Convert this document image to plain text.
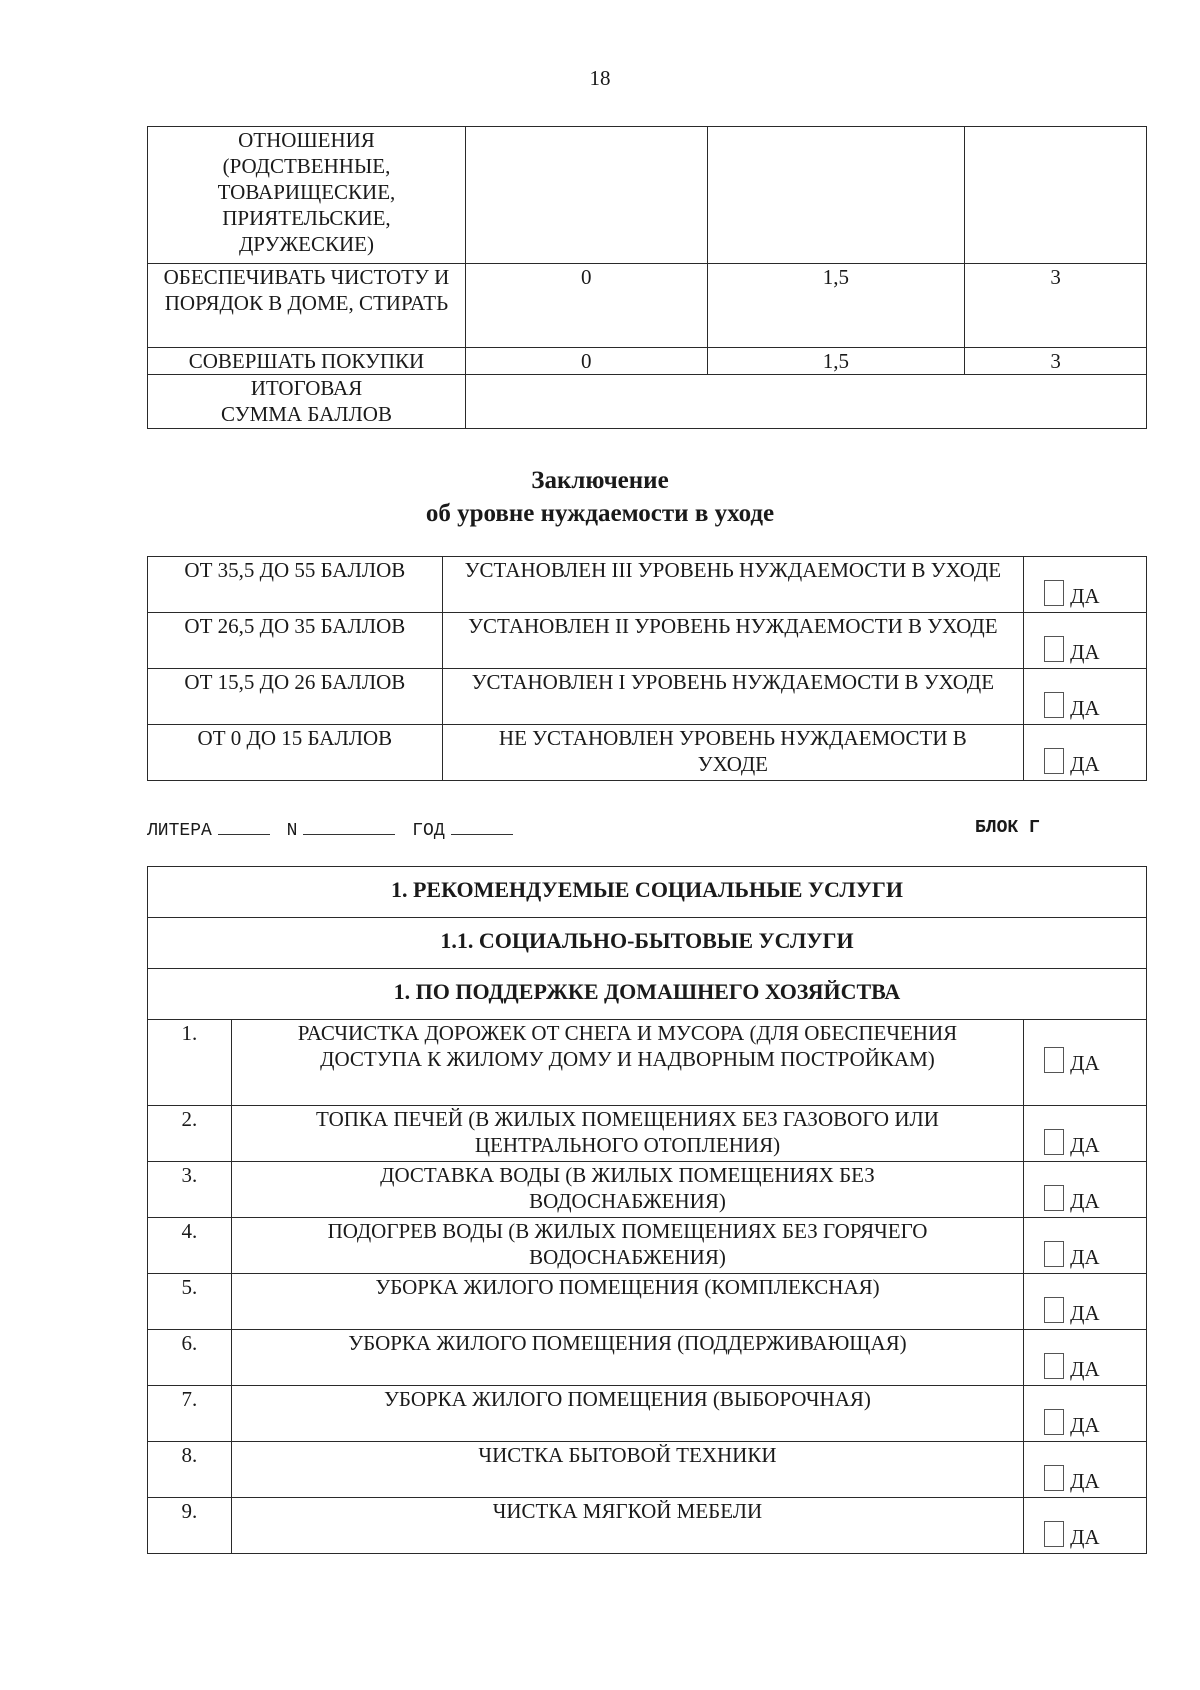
18
ОТНОШЕНИЯ (РОДСТВЕННЫЕ, ТОВАРИЩЕСКИЕ, ПРИЯТЕЛЬСКИЕ, ДРУЖЕСКИЕ)			
ОБЕСПЕЧИВАТЬ ЧИСТОТУ И ПОРЯДОК В ДОМЕ, СТИРАТЬ	0	1,5	3
СОВЕРШАТЬ ПОКУПКИ	0	1,5	3
ИТОГОВАЯ СУММА БАЛЛОВ			
Заключение
об уровне нуждаемости в уходе
ОТ 35,5 ДО 55 БАЛЛОВ	УСТАНОВЛЕН III УРОВЕНЬ НУЖДАЕМОСТИ В УХОДЕ	ДА

ОТ 26,5 ДО 35 БАЛЛОВ	УСТАНОВЛЕН II УРОВЕНЬ НУЖДАЕМОСТИ В УХОДЕ	ДА

ОТ 15,5 ДО 26 БАЛЛОВ	УСТАНОВЛЕН I УРОВЕНЬ НУЖДАЕМОСТИ В УХОДЕ	ДА

ОТ 0 ДО 15 БАЛЛОВ	НЕ УСТАНОВЛЕН УРОВЕНЬ НУЖДАЕМОСТИ В УХОДЕ	ДА
ЛИТЕРА	N	ГОД	БЛОК Г
1. РЕКОМЕНДУЕМЫЕ СОЦИАЛЬНЫЕ УСЛУГИ		
1.1. СОЦИАЛЬНО-БЫТОВЫЕ УСЛУГИ		
1. ПО ПОДДЕРЖКЕ ДОМАШНЕГО ХОЗЯЙСТВА		
1.	РАСЧИСТКА ДОРОЖЕК ОТ СНЕГА И МУСОРА (ДЛЯ ОБЕСПЕЧЕНИЯ ДОСТУПА К ЖИЛОМУ ДОМУ И НАДВОРНЫМ ПОСТРОЙКАМ)	ДА

2.	ТОПКА ПЕЧЕЙ (В ЖИЛЫХ ПОМЕЩЕНИЯХ БЕЗ ГАЗОВОГО ИЛИ ЦЕНТРАЛЬНОГО ОТОПЛЕНИЯ)	ДА

3.	ДОСТАВКА ВОДЫ (В ЖИЛЫХ ПОМЕЩЕНИЯХ БЕЗ ВОДОСНАБЖЕНИЯ)	ДА

4.	ПОДОГРЕВ ВОДЫ (В ЖИЛЫХ ПОМЕЩЕНИЯХ БЕЗ ГОРЯЧЕГО ВОДОСНАБЖЕНИЯ)	ДА

5.	УБОРКА ЖИЛОГО ПОМЕЩЕНИЯ (КОМПЛЕКСНАЯ)	ДА

6.	УБОРКА ЖИЛОГО ПОМЕЩЕНИЯ (ПОДДЕРЖИВАЮЩАЯ)	ДА

7.	УБОРКА ЖИЛОГО ПОМЕЩЕНИЯ (ВЫБОРОЧНАЯ)	ДА

8.	ЧИСТКА БЫТОВОЙ ТЕХНИКИ	ДА

9.	ЧИСТКА МЯГКОЙ МЕБЕЛИ	ДА
